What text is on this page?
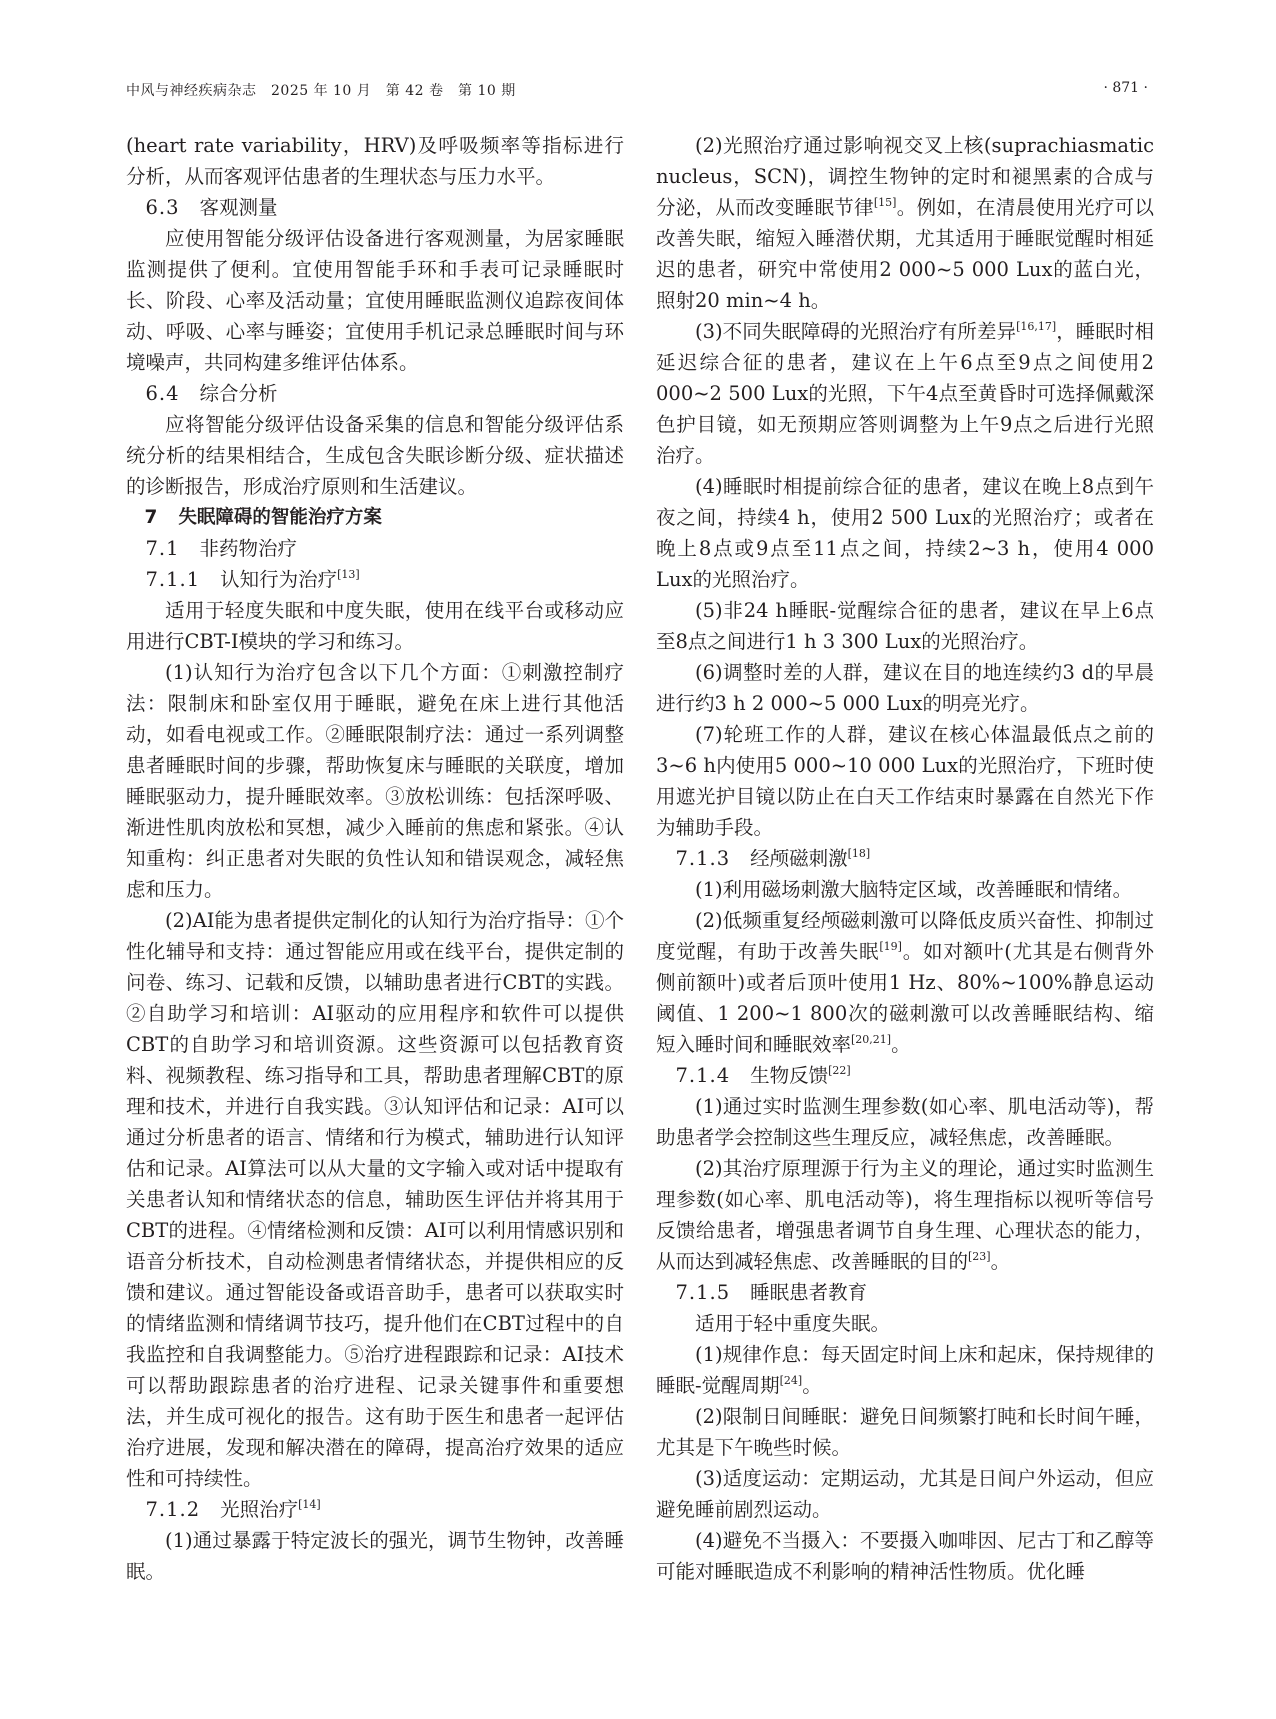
中风与神经疾病杂志　2025 年 10 月　第 42 卷　第 10 期	· 871 ·

(heart rate variability，HRV)及呼吸频率等指标进行分析，从而客观评估患者的生理状态与压力水平。

6.3 客观测量

应使用智能分级评估设备进行客观测量，为居家睡眠监测提供了便利。宜使用智能手环和手表可记录睡眠时长、阶段、心率及活动量；宜使用睡眠监测仪追踪夜间体动、呼吸、心率与睡姿；宜使用手机记录总睡眠时间与环境噪声，共同构建多维评估体系。

6.4 综合分析

应将智能分级评估设备采集的信息和智能分级评估系统分析的结果相结合，生成包含失眠诊断分级、症状描述的诊断报告，形成治疗原则和生活建议。

7 失眠障碍的智能治疗方案
7.1 非药物治疗
7.1.1 认知行为治疗[13]

适用于轻度失眠和中度失眠，使用在线平台或移动应用进行CBT-I模块的学习和练习。

(1)认知行为治疗包含以下几个方面：①刺激控制疗法：限制床和卧室仅用于睡眠，避免在床上进行其他活动，如看电视或工作。②睡眠限制疗法：通过一系列调整患者睡眠时间的步骤，帮助恢复床与睡眠的关联度，增加睡眠驱动力，提升睡眠效率。③放松训练：包括深呼吸、渐进性肌肉放松和冥想，减少入睡前的焦虑和紧张。④认知重构：纠正患者对失眠的负性认知和错误观念，减轻焦虑和压力。

(2)AI能为患者提供定制化的认知行为治疗指导：①个性化辅导和支持：通过智能应用或在线平台，提供定制的问卷、练习、记载和反馈，以辅助患者进行CBT的实践。②自助学习和培训：AI驱动的应用程序和软件可以提供CBT的自助学习和培训资源。这些资源可以包括教育资料、视频教程、练习指导和工具，帮助患者理解CBT的原理和技术，并进行自我实践。③认知评估和记录：AI可以通过分析患者的语言、情绪和行为模式，辅助进行认知评估和记录。AI算法可以从大量的文字输入或对话中提取有关患者认知和情绪状态的信息，辅助医生评估并将其用于CBT的进程。④情绪检测和反馈：AI可以利用情感识别和语音分析技术，自动检测患者情绪状态，并提供相应的反馈和建议。通过智能设备或语音助手，患者可以获取实时的情绪监测和情绪调节技巧，提升他们在CBT过程中的自我监控和自我调整能力。⑤治疗进程跟踪和记录：AI技术可以帮助跟踪患者的治疗进程、记录关键事件和重要想法，并生成可视化的报告。这有助于医生和患者一起评估治疗进展，发现和解决潜在的障碍，提高治疗效果的适应性和可持续性。

7.1.2 光照治疗[14]

(1)通过暴露于特定波长的强光，调节生物钟，改善睡眠。

(2)光照治疗通过影响视交叉上核(suprachiasmatic nucleus，SCN)，调控生物钟的定时和褪黑素的合成与分泌，从而改变睡眠节律[15]。例如，在清晨使用光疗可以改善失眠，缩短入睡潜伏期，尤其适用于睡眠觉醒时相延迟的患者，研究中常使用2 000~5 000 Lux的蓝白光，照射20 min~4 h。

(3)不同失眠障碍的光照治疗有所差异[16,17]，睡眠时相延迟综合征的患者，建议在上午6点至9点之间使用2 000~2 500 Lux的光照，下午4点至黄昏时可选择佩戴深色护目镜，如无预期应答则调整为上午9点之后进行光照治疗。

(4)睡眠时相提前综合征的患者，建议在晚上8点到午夜之间，持续4 h，使用2 500 Lux的光照治疗；或者在晚上8点或9点至11点之间，持续2~3 h，使用4 000 Lux的光照治疗。

(5)非24 h睡眠-觉醒综合征的患者，建议在早上6点至8点之间进行1 h 3 300 Lux的光照治疗。

(6)调整时差的人群，建议在目的地连续约3 d的早晨进行约3 h 2 000~5 000 Lux的明亮光疗。

(7)轮班工作的人群，建议在核心体温最低点之前的3~6 h内使用5 000~10 000 Lux的光照治疗，下班时使用遮光护目镜以防止在白天工作结束时暴露在自然光下作为辅助手段。

7.1.3 经颅磁刺激[18]

(1)利用磁场刺激大脑特定区域，改善睡眠和情绪。

(2)低频重复经颅磁刺激可以降低皮质兴奋性、抑制过度觉醒，有助于改善失眠[19]。如对额叶(尤其是右侧背外侧前额叶)或者后顶叶使用1 Hz、80%~100%静息运动阈值、1 200~1 800次的磁刺激可以改善睡眠结构、缩短入睡时间和睡眠效率[20,21]。

7.1.4 生物反馈[22]

(1)通过实时监测生理参数(如心率、肌电活动等)，帮助患者学会控制这些生理反应，减轻焦虑，改善睡眠。

(2)其治疗原理源于行为主义的理论，通过实时监测生理参数(如心率、肌电活动等)，将生理指标以视听等信号反馈给患者，增强患者调节自身生理、心理状态的能力，从而达到减轻焦虑、改善睡眠的目的[23]。

7.1.5 睡眠患者教育

适用于轻中重度失眠。

(1)规律作息：每天固定时间上床和起床，保持规律的睡眠-觉醒周期[24]。

(2)限制日间睡眠：避免日间频繁打盹和长时间午睡，尤其是下午晚些时候。

(3)适度运动：定期运动，尤其是日间户外运动，但应避免睡前剧烈运动。

(4)避免不当摄入：不要摄入咖啡因、尼古丁和乙醇等可能对睡眠造成不利影响的精神活性物质。优化睡
